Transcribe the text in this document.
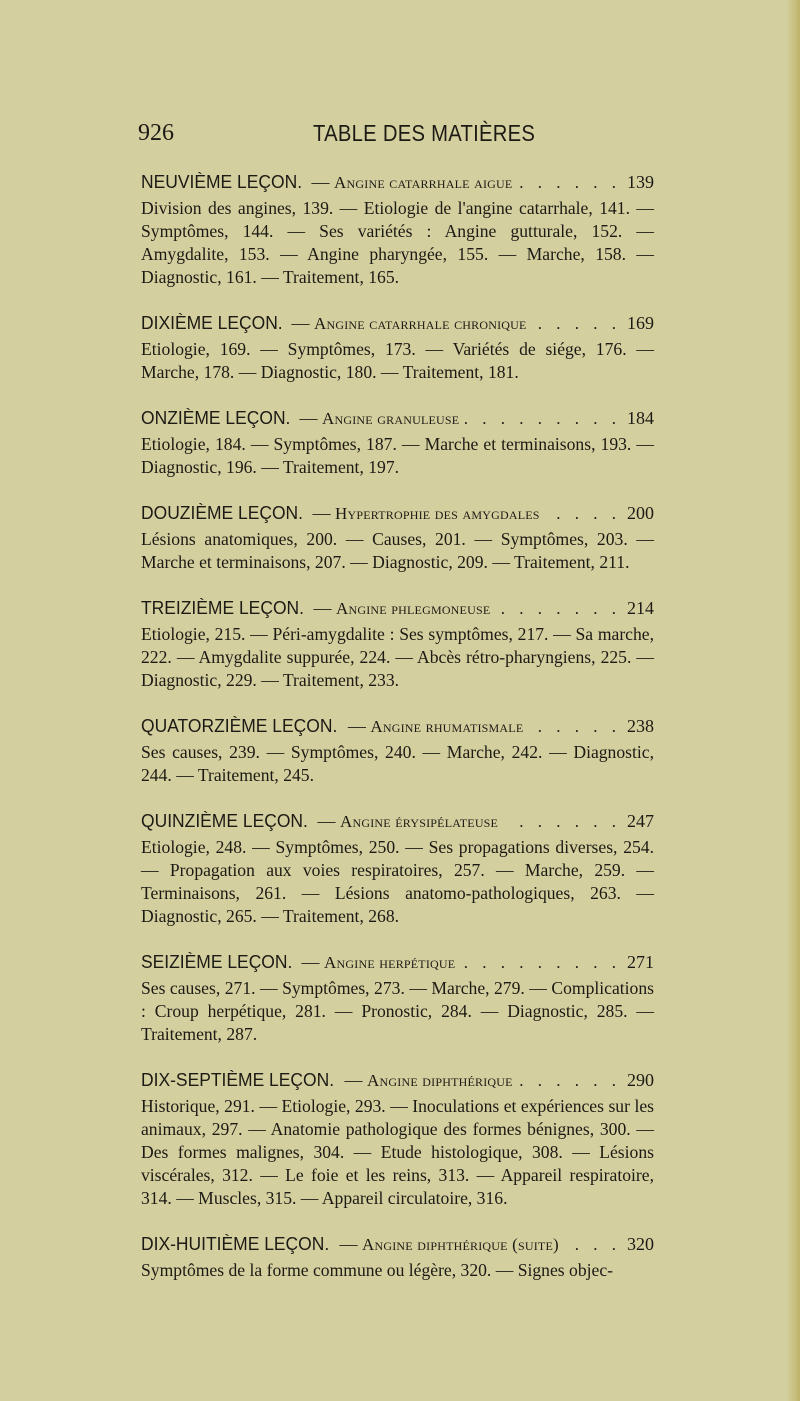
926	TABLE DES MATIÈRES
NEUVIÈME LEÇON. — Angine catarrhale aigue . . .	139
Division des angines, 139. — Etiologie de l'angine catarrhale, 141. — Symptômes, 144. — Ses variétés : Angine gutturale, 152. — Amygdalite, 153. — Angine pharyngée, 155. — Marche, 158. — Diagnostic, 161. — Traitement, 165.
DIXIÈME LEÇON. — Angine catarrhale chronique . . .	169
Etiologie, 169. — Symptômes, 173. — Variétés de siége, 176. — Marche, 178. — Diagnostic, 180. — Traitement, 181.
ONZIÈME LEÇON. — Angine granuleuse . . .	184
Etiologie, 184. — Symptômes, 187. — Marche et terminaisons, 193. — Diagnostic, 196. — Traitement, 197.
DOUZIÈME LEÇON. — Hypertrophie des amygdales . . .	200
Lésions anatomiques, 200. — Causes, 201. — Symptômes, 203. — Marche et terminaisons, 207. — Diagnostic, 209. — Traitement, 211.
TREIZIÈME LEÇON. — Angine phlegmoneuse . . .	214
Etiologie, 215. — Péri-amygdalite : Ses symptômes, 217. — Sa marche, 222. — Amygdalite suppurée, 224. — Abcès rétro-pharyngiens, 225. — Diagnostic, 229. — Traitement, 233.
QUATORZIÈME LEÇON. — Angine rhumatismale . . .	238
Ses causes, 239. — Symptômes, 240. — Marche, 242. — Diagnostic, 244. — Traitement, 245.
QUINZIÈME LEÇON. — Angine érysipélateuse . . .	247
Etiologie, 248. — Symptômes, 250. — Ses propagations diverses, 254. — Propagation aux voies respiratoires, 257. — Marche, 259. — Terminaisons, 261. — Lésions anatomo-pathologiques, 263. — Diagnostic, 265. — Traitement, 268.
SEIZIÈME LEÇON. — Angine herpétique . . .	271
Ses causes, 271. — Symptômes, 273. — Marche, 279. — Complications : Croup herpétique, 281. — Pronostic, 284. — Diagnostic, 285. — Traitement, 287.
DIX-SEPTIÈME LEÇON. — Angine diphthérique . . .	290
Historique, 291. — Etiologie, 293. — Inoculations et expériences sur les animaux, 297. — Anatomie pathologique des formes bénignes, 300. — Des formes malignes, 304. — Etude histologique, 308. — Lésions viscérales, 312. — Le foie et les reins, 313. — Appareil respiratoire, 314. — Muscles, 315. — Appareil circulatoire, 316.
DIX-HUITIÈME LEÇON. — Angine diphthérique (suite) . . .	320
Symptômes de la forme commune ou légère, 320. — Signes objec-
